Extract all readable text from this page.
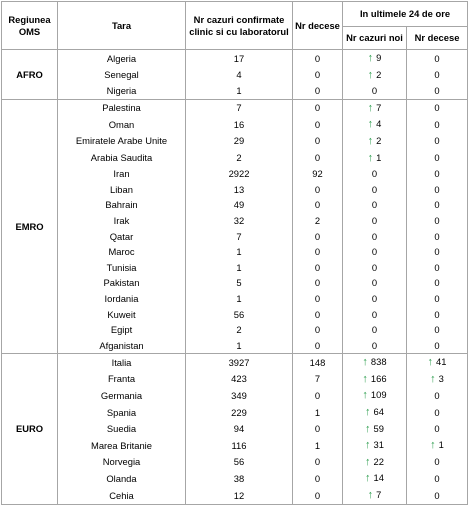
Regiunea OMS	Tara	Nr cazuri confirmate clinic si cu laboratorul	Nr decese	In ultimele 24 de ore	
				Nr cazuri noi	Nr decese
AFRO	Algeria	17	0	↑ 9	0
	Senegal	4	0	↑ 2	0
	Nigeria	1	0	0	0
EMRO	Palestina	7	0	↑ 7	0
	Oman	16	0	↑ 4	0
	Emiratele Arabe Unite	29	0	↑ 2	0
	Arabia Saudita	2	0	↑ 1	0
	Iran	2922	92	0	0
	Liban	13	0	0	0
	Bahrain	49	0	0	0
	Irak	32	2	0	0
	Qatar	7	0	0	0
	Maroc	1	0	0	0
	Tunisia	1	0	0	0
	Pakistan	5	0	0	0
	Iordania	1	0	0	0
	Kuweit	56	0	0	0
	Egipt	2	0	0	0
	Afganistan	1	0	0	0
EURO	Italia	3927	148	↑ 838	↑ 41
	Franta	423	7	↑ 166	↑ 3
	Germania	349	0	↑ 109	0
	Spania	229	1	↑ 64	0
	Suedia	94	0	↑ 59	0
	Marea Britanie	116	1	↑ 31	↑ 1
	Norvegia	56	0	↑ 22	0
	Olanda	38	0	↑ 14	0
	Cehia	12	0	↑ 7	0
